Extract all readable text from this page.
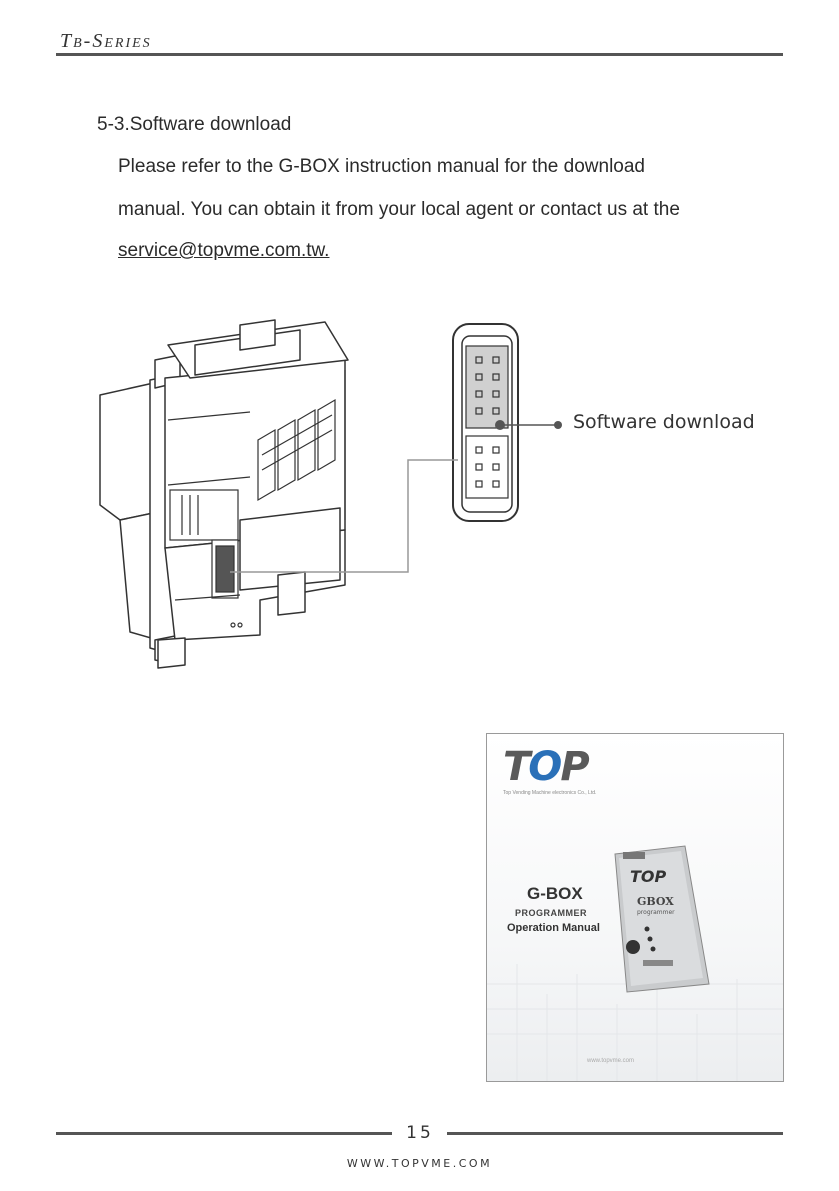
Tb-Series
5-3.Software download
Please refer to the G-BOX instruction manual for the download
manual. You can obtain it from your local agent or contact us at the
service@topvme.com.tw.
Software download
TOP
GBOX
programmer
TOP
Top Vending Machine electronics Co., Ltd.
G-BOX
PROGRAMMER
Operation Manual
www.topvme.com
15
WWW.TOPVME.COM
